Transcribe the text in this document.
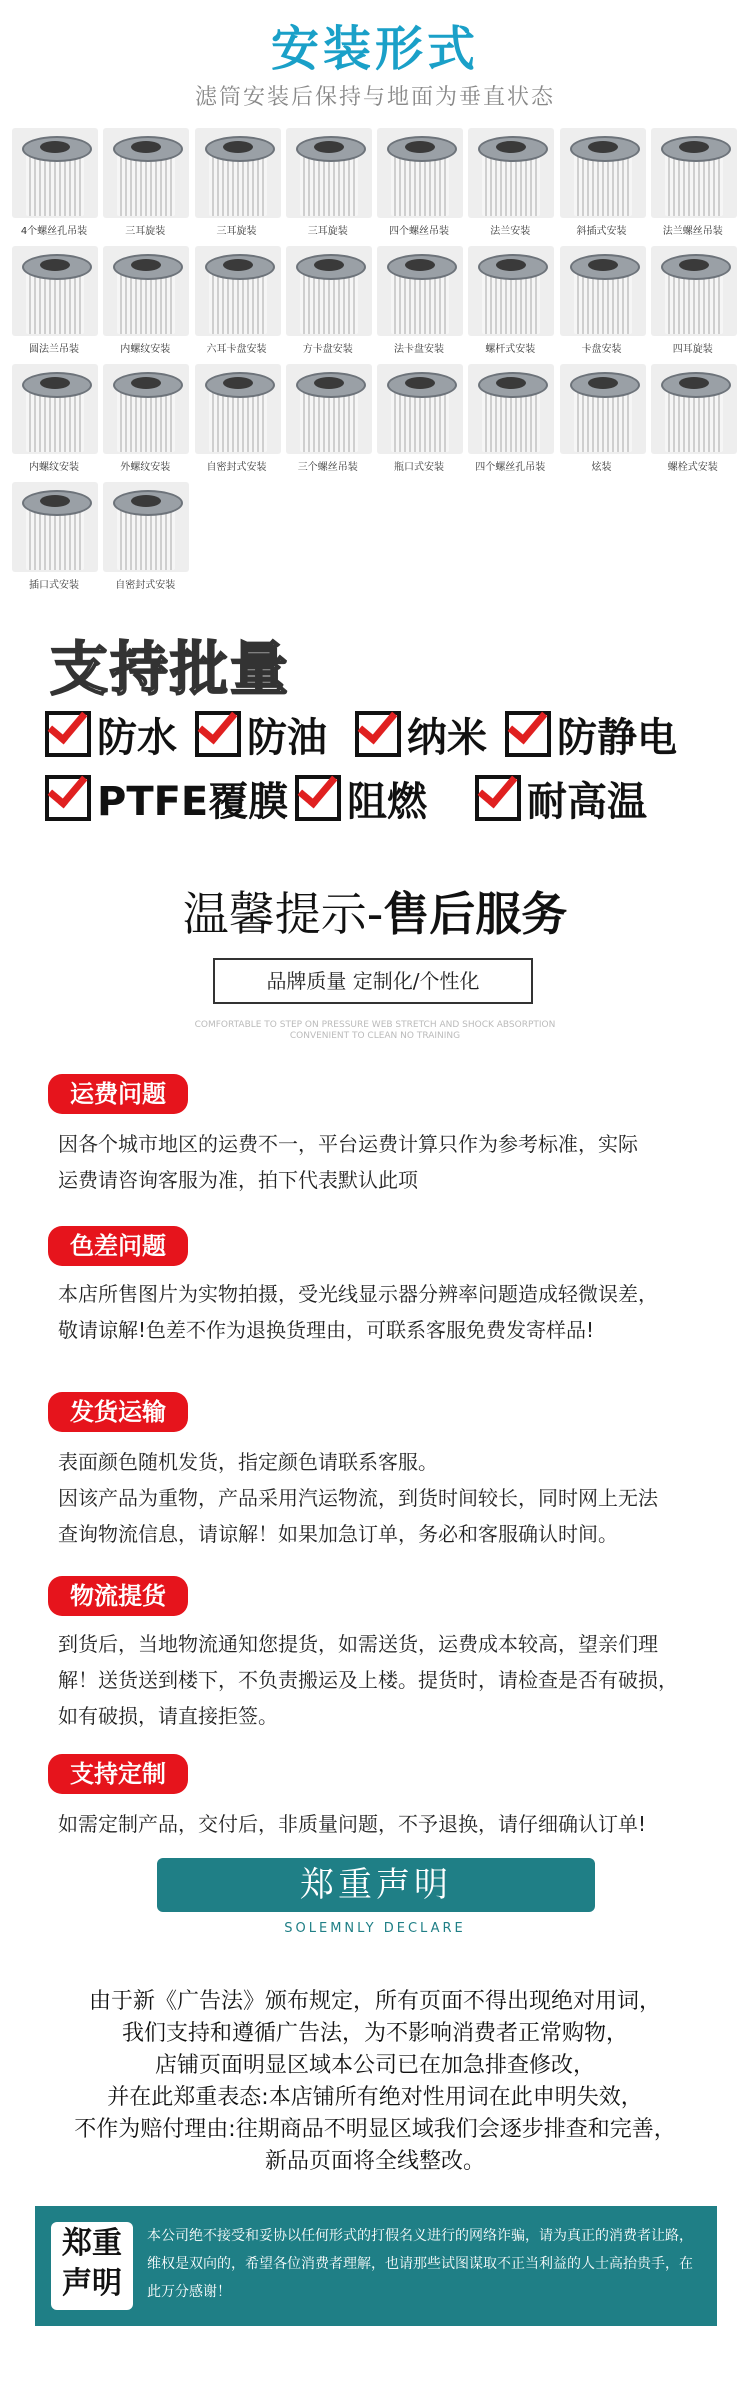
安装形式
滤筒安装后保持与地面为垂直状态
4个螺丝孔吊装	三耳旋装	三耳旋装	三耳旋装	四个螺丝吊装	法兰安装	斜插式安装	法兰螺丝吊装
圆法兰吊装	内螺纹安装	六耳卡盘安装	方卡盘安装	法卡盘安装	螺杆式安装	卡盘安装	四耳旋装
内螺纹安装	外螺纹安装	自密封式安装	三个螺丝吊装	瓶口式安装	四个螺丝孔吊装	炫装	螺栓式安装
插口式安装	自密封式安装
支持批量
防水 防油 纳米 防静电
PTFE覆膜 阻燃	耐高温
温馨提示-售后服务
品牌质量 定制化/个性化
COMFORTABLE TO STEP ON PRESSURE WEB STRETCH AND SHOCK ABSORPTION
CONVENIENT TO CLEAN NO TRAINING
运费问题
因各个城市地区的运费不一，平台运费计算只作为参考标准，实际
运费请咨询客服为准，拍下代表默认此项
色差问题
本店所售图片为实物拍摄，受光线显示器分辨率问题造成轻微误差，
敬请谅解!色差不作为退换货理由，可联系客服免费发寄样品!
发货运输
表面颜色随机发货，指定颜色请联系客服。
因该产品为重物，产品采用汽运物流，到货时间较长，同时网上无法
查询物流信息，请谅解！如果加急订单，务必和客服确认时间。
物流提货
到货后，当地物流通知您提货，如需送货，运费成本较高，望亲们理
解！送货送到楼下，不负责搬运及上楼。提货时，请检查是否有破损，
如有破损，请直接拒签。
支持定制
如需定制产品，交付后，非质量问题，不予退换，请仔细确认订单!
郑重声明
SOLEMNLY DECLARE
由于新《广告法》颁布规定，所有页面不得出现绝对用词，
我们支持和遵循广告法，为不影响消费者正常购物，
店铺页面明显区域本公司已在加急排查修改，
并在此郑重表态:本店铺所有绝对性用词在此申明失效，
不作为赔付理由:往期商品不明显区域我们会逐步排查和完善，
新品页面将全线整改。
郑重
声明
本公司绝不接受和妥协以任何形式的打假名义进行的网络诈骗，请为真正的消费者让路，维权是双向的，希望各位消费者理解，也请那些试图谋取不正当利益的人士高抬贵手，在此万分感谢！
